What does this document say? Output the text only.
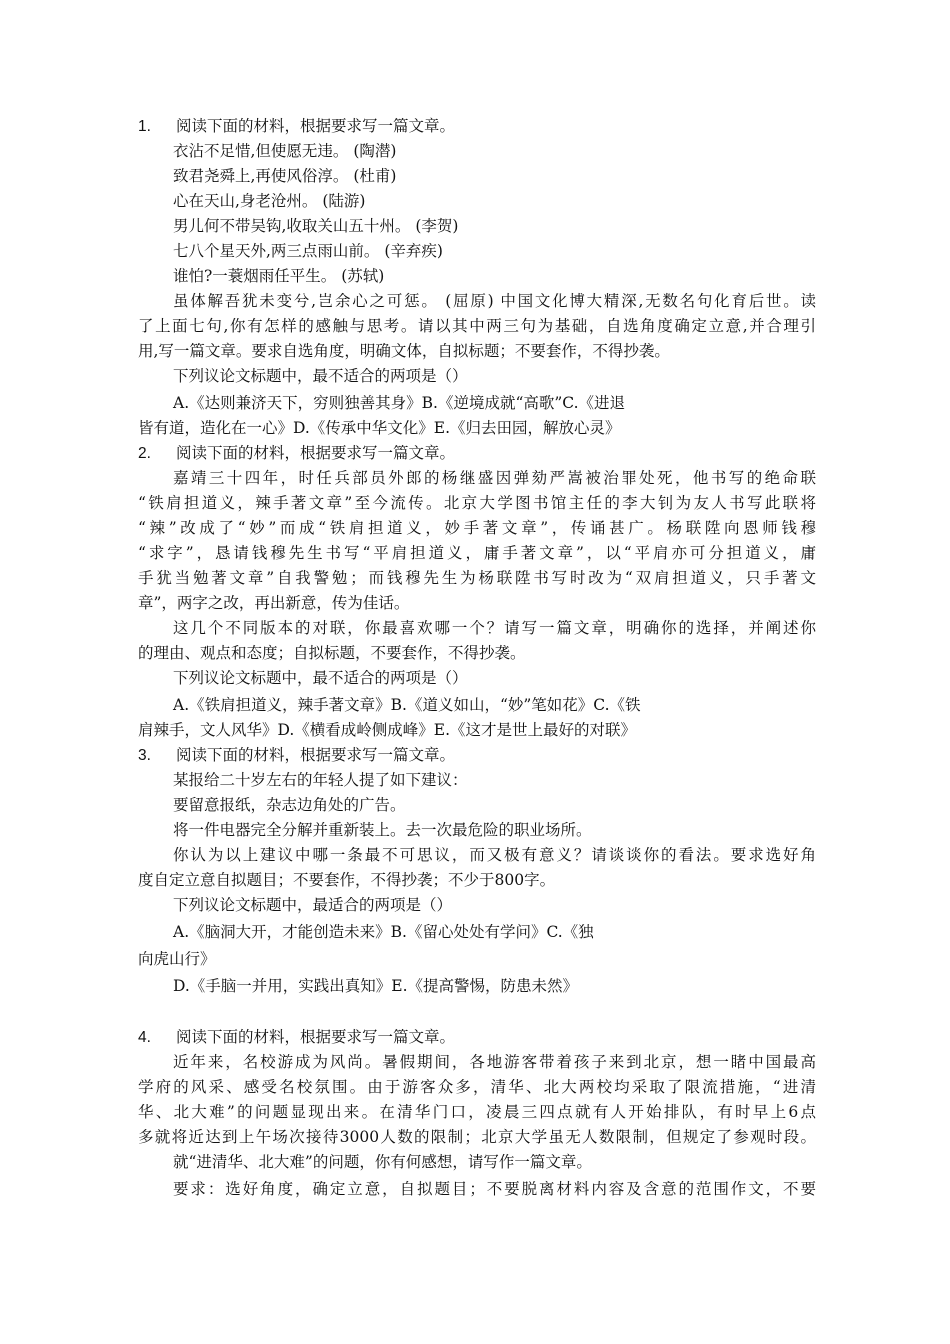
1.	阅读下面的材料，根据要求写一篇文章。
衣沾不足惜,但使愿无违。 (陶潜)
致君尧舜上,再使风俗淳。 (杜甫)
心在天山,身老沧州。 (陆游)
男儿何不带吴钩,收取关山五十州。 (李贺)
七八个星天外,两三点雨山前。 (辛弃疾)
谁怕?一蓑烟雨任平生。 (苏轼)
虽体解吾犹未变兮,岂余心之可惩。 (屈原) 中国文化博大精深,无数名句化育后世。读
了上面七句,你有怎样的感触与思考。请以其中两三句为基础，自选角度确定立意,并合理引
用,写一篇文章。要求自选角度，明确文体，自拟标题；不要套作，不得抄袭。
下列议论文标题中，最不适合的两项是（）
A.《达则兼济天下，穷则独善其身》B.《逆境成就“高歌”C.《进退
皆有道，造化在一心》D.《传承中华文化》E.《归去田园，解放心灵》
2.	阅读下面的材料，根据要求写一篇文章。
嘉靖三十四年，时任兵部员外郎的杨继盛因弹劾严嵩被治罪处死，他书写的绝命联
“铁肩担道义，辣手著文章”至今流传。北京大学图书馆主任的李大钊为友人书写此联将
“辣”改成了“妙”而成“铁肩担道义，妙手著文章”，传诵甚广。杨联陞向恩师钱穆
“求字”，恳请钱穆先生书写“平肩担道义，庸手著文章”，以“平肩亦可分担道义，庸
手犹当勉著文章”自我警勉；而钱穆先生为杨联陞书写时改为“双肩担道义，只手著文
章”，两字之改，再出新意，传为佳话。
这几个不同版本的对联，你最喜欢哪一个？请写一篇文章，明确你的选择，并阐述你
的理由、观点和态度；自拟标题，不要套作，不得抄袭。
下列议论文标题中，最不适合的两项是（）
A.《铁肩担道义，辣手著文章》B.《道义如山，“妙”笔如花》C.《铁
肩辣手，文人风华》D.《横看成岭侧成峰》E.《这才是世上最好的对联》
3.	阅读下面的材料，根据要求写一篇文章。
某报给二十岁左右的年轻人提了如下建议：
要留意报纸，杂志边角处的广告。
将一件电器完全分解并重新装上。去一次最危险的职业场所。
你认为以上建议中哪一条最不可思议，而又极有意义？请谈谈你的看法。要求选好角
度自定立意自拟题目；不要套作，不得抄袭；不少于800字。
下列议论文标题中，最适合的两项是（）
A.《脑洞大开，才能创造未来》B.《留心处处有学问》C.《独
向虎山行》
D.《手脑一并用，实践出真知》E.《提高警惕，防患未然》
4.	阅读下面的材料，根据要求写一篇文章。
近年来，名校游成为风尚。暑假期间，各地游客带着孩子来到北京，想一睹中国最高
学府的风采、感受名校氛围。由于游客众多，清华、北大两校均采取了限流措施，“进清
华、北大难”的问题显现出来。在清华门口，凌晨三四点就有人开始排队，有时早上6点
多就将近达到上午场次接待3000人数的限制；北京大学虽无人数限制，但规定了参观时段。
就“进清华、北大难”的问题，你有何感想，请写作一篇文章。
要求：选好角度，确定立意，自拟题目；不要脱离材料内容及含意的范围作文，不要
